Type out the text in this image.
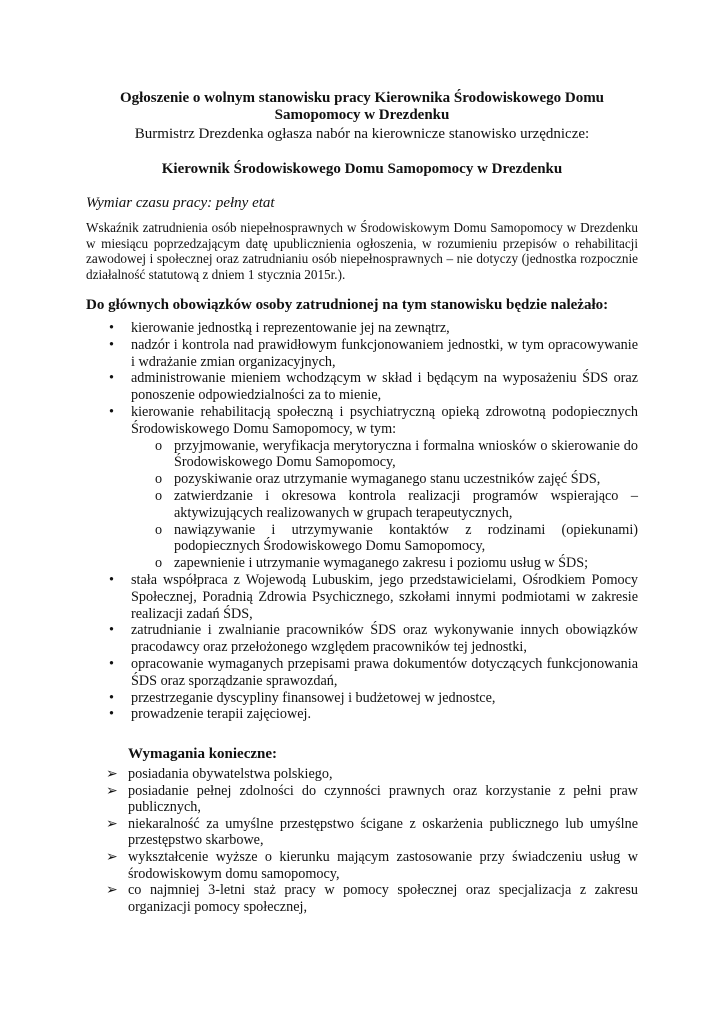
Ogłoszenie o wolnym stanowisku pracy Kierownika Środowiskowego Domu
Samopomocy w Drezdenku
Burmistrz Drezdenka ogłasza nabór na kierownicze stanowisko urzędnicze:
Kierownik Środowiskowego Domu Samopomocy w Drezdenku
Wymiar czasu pracy: pełny etat
Wskaźnik zatrudnienia osób niepełnosprawnych w Środowiskowym Domu Samopomocy w Drezdenku w miesiącu poprzedzającym datę upublicznienia ogłoszenia, w rozumieniu przepisów o rehabilitacji zawodowej i społecznej oraz zatrudnianiu osób niepełnosprawnych – nie dotyczy (jednostka rozpocznie działalność statutową z dniem 1 stycznia 2015r.).
Do głównych obowiązków osoby zatrudnionej na tym stanowisku będzie należało:
• kierowanie jednostką i reprezentowanie jej na zewnątrz,
• nadzór i kontrola nad prawidłowym funkcjonowaniem jednostki, w tym opracowywanie i wdrażanie zmian organizacyjnych,
• administrowanie mieniem wchodzącym w skład i będącym na wyposażeniu ŚDS oraz ponoszenie odpowiedzialności za to mienie,
• kierowanie rehabilitacją społeczną i psychiatryczną opieką zdrowotną podopiecznych Środowiskowego Domu Samopomocy, w tym:
o przyjmowanie, weryfikacja merytoryczna i formalna wniosków o skierowanie do Środowiskowego Domu Samopomocy,
o pozyskiwanie oraz utrzymanie wymaganego stanu uczestników zajęć ŚDS,
o zatwierdzanie i okresowa kontrola realizacji programów wspierająco – aktywizujących realizowanych w grupach terapeutycznych,
o nawiązywanie i utrzymywanie kontaktów z rodzinami (opiekunami) podopiecznych Środowiskowego Domu Samopomocy,
o zapewnienie i utrzymanie wymaganego zakresu i poziomu usług w ŚDS;
• stała współpraca z Wojewodą Lubuskim, jego przedstawicielami, Ośrodkiem Pomocy Społecznej, Poradnią Zdrowia Psychicznego, szkołami innymi podmiotami w zakresie realizacji zadań ŚDS,
• zatrudnianie i zwalnianie pracowników ŚDS oraz wykonywanie innych obowiązków pracodawcy oraz przełożonego względem pracowników tej jednostki,
• opracowanie wymaganych przepisami prawa dokumentów dotyczących funkcjonowania ŚDS oraz sporządzanie sprawozdań,
• przestrzeganie dyscypliny finansowej i budżetowej w jednostce,
• prowadzenie terapii zajęciowej.
Wymagania konieczne:
➢ posiadania obywatelstwa polskiego,
➢ posiadanie pełnej zdolności do czynności prawnych oraz korzystanie z pełni praw publicznych,
➢ niekaralność za umyślne przestępstwo ścigane z oskarżenia publicznego lub umyślne przestępstwo skarbowe,
➢ wykształcenie wyższe o kierunku mającym zastosowanie przy świadczeniu usług w środowiskowym domu samopomocy,
➢ co najmniej 3-letni staż pracy w pomocy społecznej oraz specjalizacja z zakresu organizacji pomocy społecznej,
